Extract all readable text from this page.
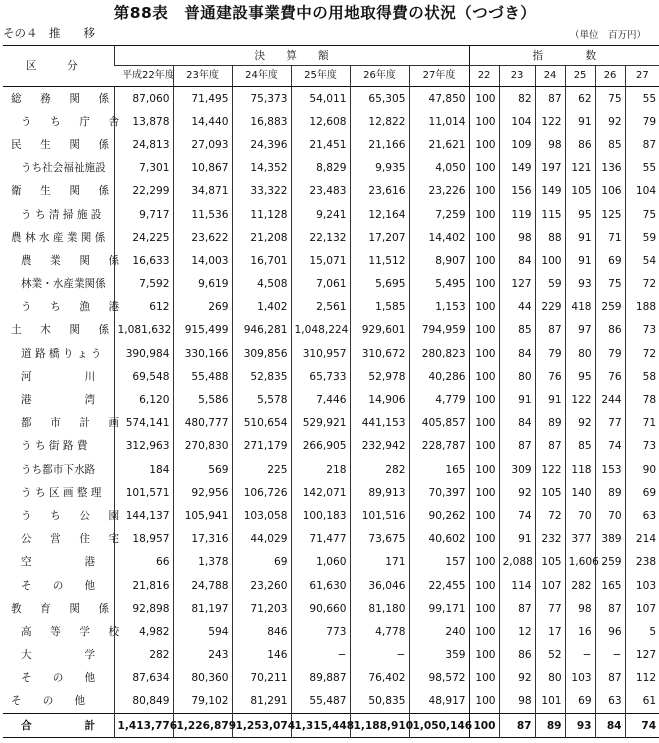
第88表　普通建設事業費中の用地取得費の状況（つづき）
その４　推　　移	（単位　百万円）
区　分	決　　算　　額						指　　　　数					
	平成22年度	23年度	24年度	25年度	26年度	27年度	22	23	24	25	26	27
総　務　関　係	87,060	71,495	75,373	54,011	65,305	47,850	100	82	87	62	75	55
う　ち　庁　舎	13,878	14,440	16,883	12,608	12,822	11,014	100	104	122	91	92	79
民　生　関　係	24,813	27,093	24,396	21,451	21,166	21,621	100	109	98	86	85	87
うち社会福祉施設	7,301	10,867	14,352	8,829	9,935	4,050	100	149	197	121	136	55
衛　生　関　係	22,299	34,871	33,322	23,483	23,616	23,226	100	156	149	105	106	104
う ち 清 掃 施 設	9,717	11,536	11,128	9,241	12,164	7,259	100	119	115	95	125	75
農 林 水 産 業 関 係	24,225	23,622	21,208	22,132	17,207	14,402	100	98	88	91	71	59
農　業　関　係	16,633	14,003	16,701	15,071	11,512	8,907	100	84	100	91	69	54
林業・水産業関係	7,592	9,619	4,508	7,061	5,695	5,495	100	127	59	93	75	72
う　ち　漁　港	612	269	1,402	2,561	1,585	1,153	100	44	229	418	259	188
土　木　関　係	1,081,632	915,499	946,281	1,048,224	929,601	794,959	100	85	87	97	86	73
道 路 橋 り ょ う	390,984	330,166	309,856	310,957	310,672	280,823	100	84	79	80	79	72
河　　　　　川	69,548	55,488	52,835	65,733	52,978	40,286	100	80	76	95	76	58
港　　　　　湾	6,120	5,586	5,578	7,446	14,906	4,779	100	91	91	122	244	78
都　市　計　画	574,141	480,777	510,654	529,921	441,153	405,857	100	84	89	92	77	71
う ち 街 路 費	312,963	270,830	271,179	266,905	232,942	228,787	100	87	87	85	74	73
うち都市下水路	184	569	225	218	282	165	100	309	122	118	153	90
う ち 区 画 整 理	101,571	92,956	106,726	142,071	89,913	70,397	100	92	105	140	89	69
う　ち　公　園	144,137	105,941	103,058	100,183	101,516	90,262	100	74	72	70	70	63
公　営　住　宅	18,957	17,316	44,029	71,477	73,675	40,602	100	91	232	377	389	214
空　　　　　港	66	1,378	69	1,060	171	157	100	2,088	105	1,606	259	238
そ　　の　　他	21,816	24,788	23,260	61,630	36,046	22,455	100	114	107	282	165	103
教　育　関　係	92,898	81,197	71,203	90,660	81,180	99,171	100	87	77	98	87	107
高　等　学　校	4,982	594	846	773	4,778	240	100	12	17	16	96	5
大　　　　　学	282	243	146	−	−	359	100	86	52	−	−	127
そ　　の　　他	87,634	80,360	70,211	89,887	76,402	98,572	100	92	80	103	87	112
そ　　の　　他	80,849	79,102	81,291	55,487	50,835	48,917	100	98	101	69	63	61
合　　　　　計	1,413,776	1,226,879	1,253,074	1,315,448	1,188,910	1,050,146	100	87	89	93	84	74
